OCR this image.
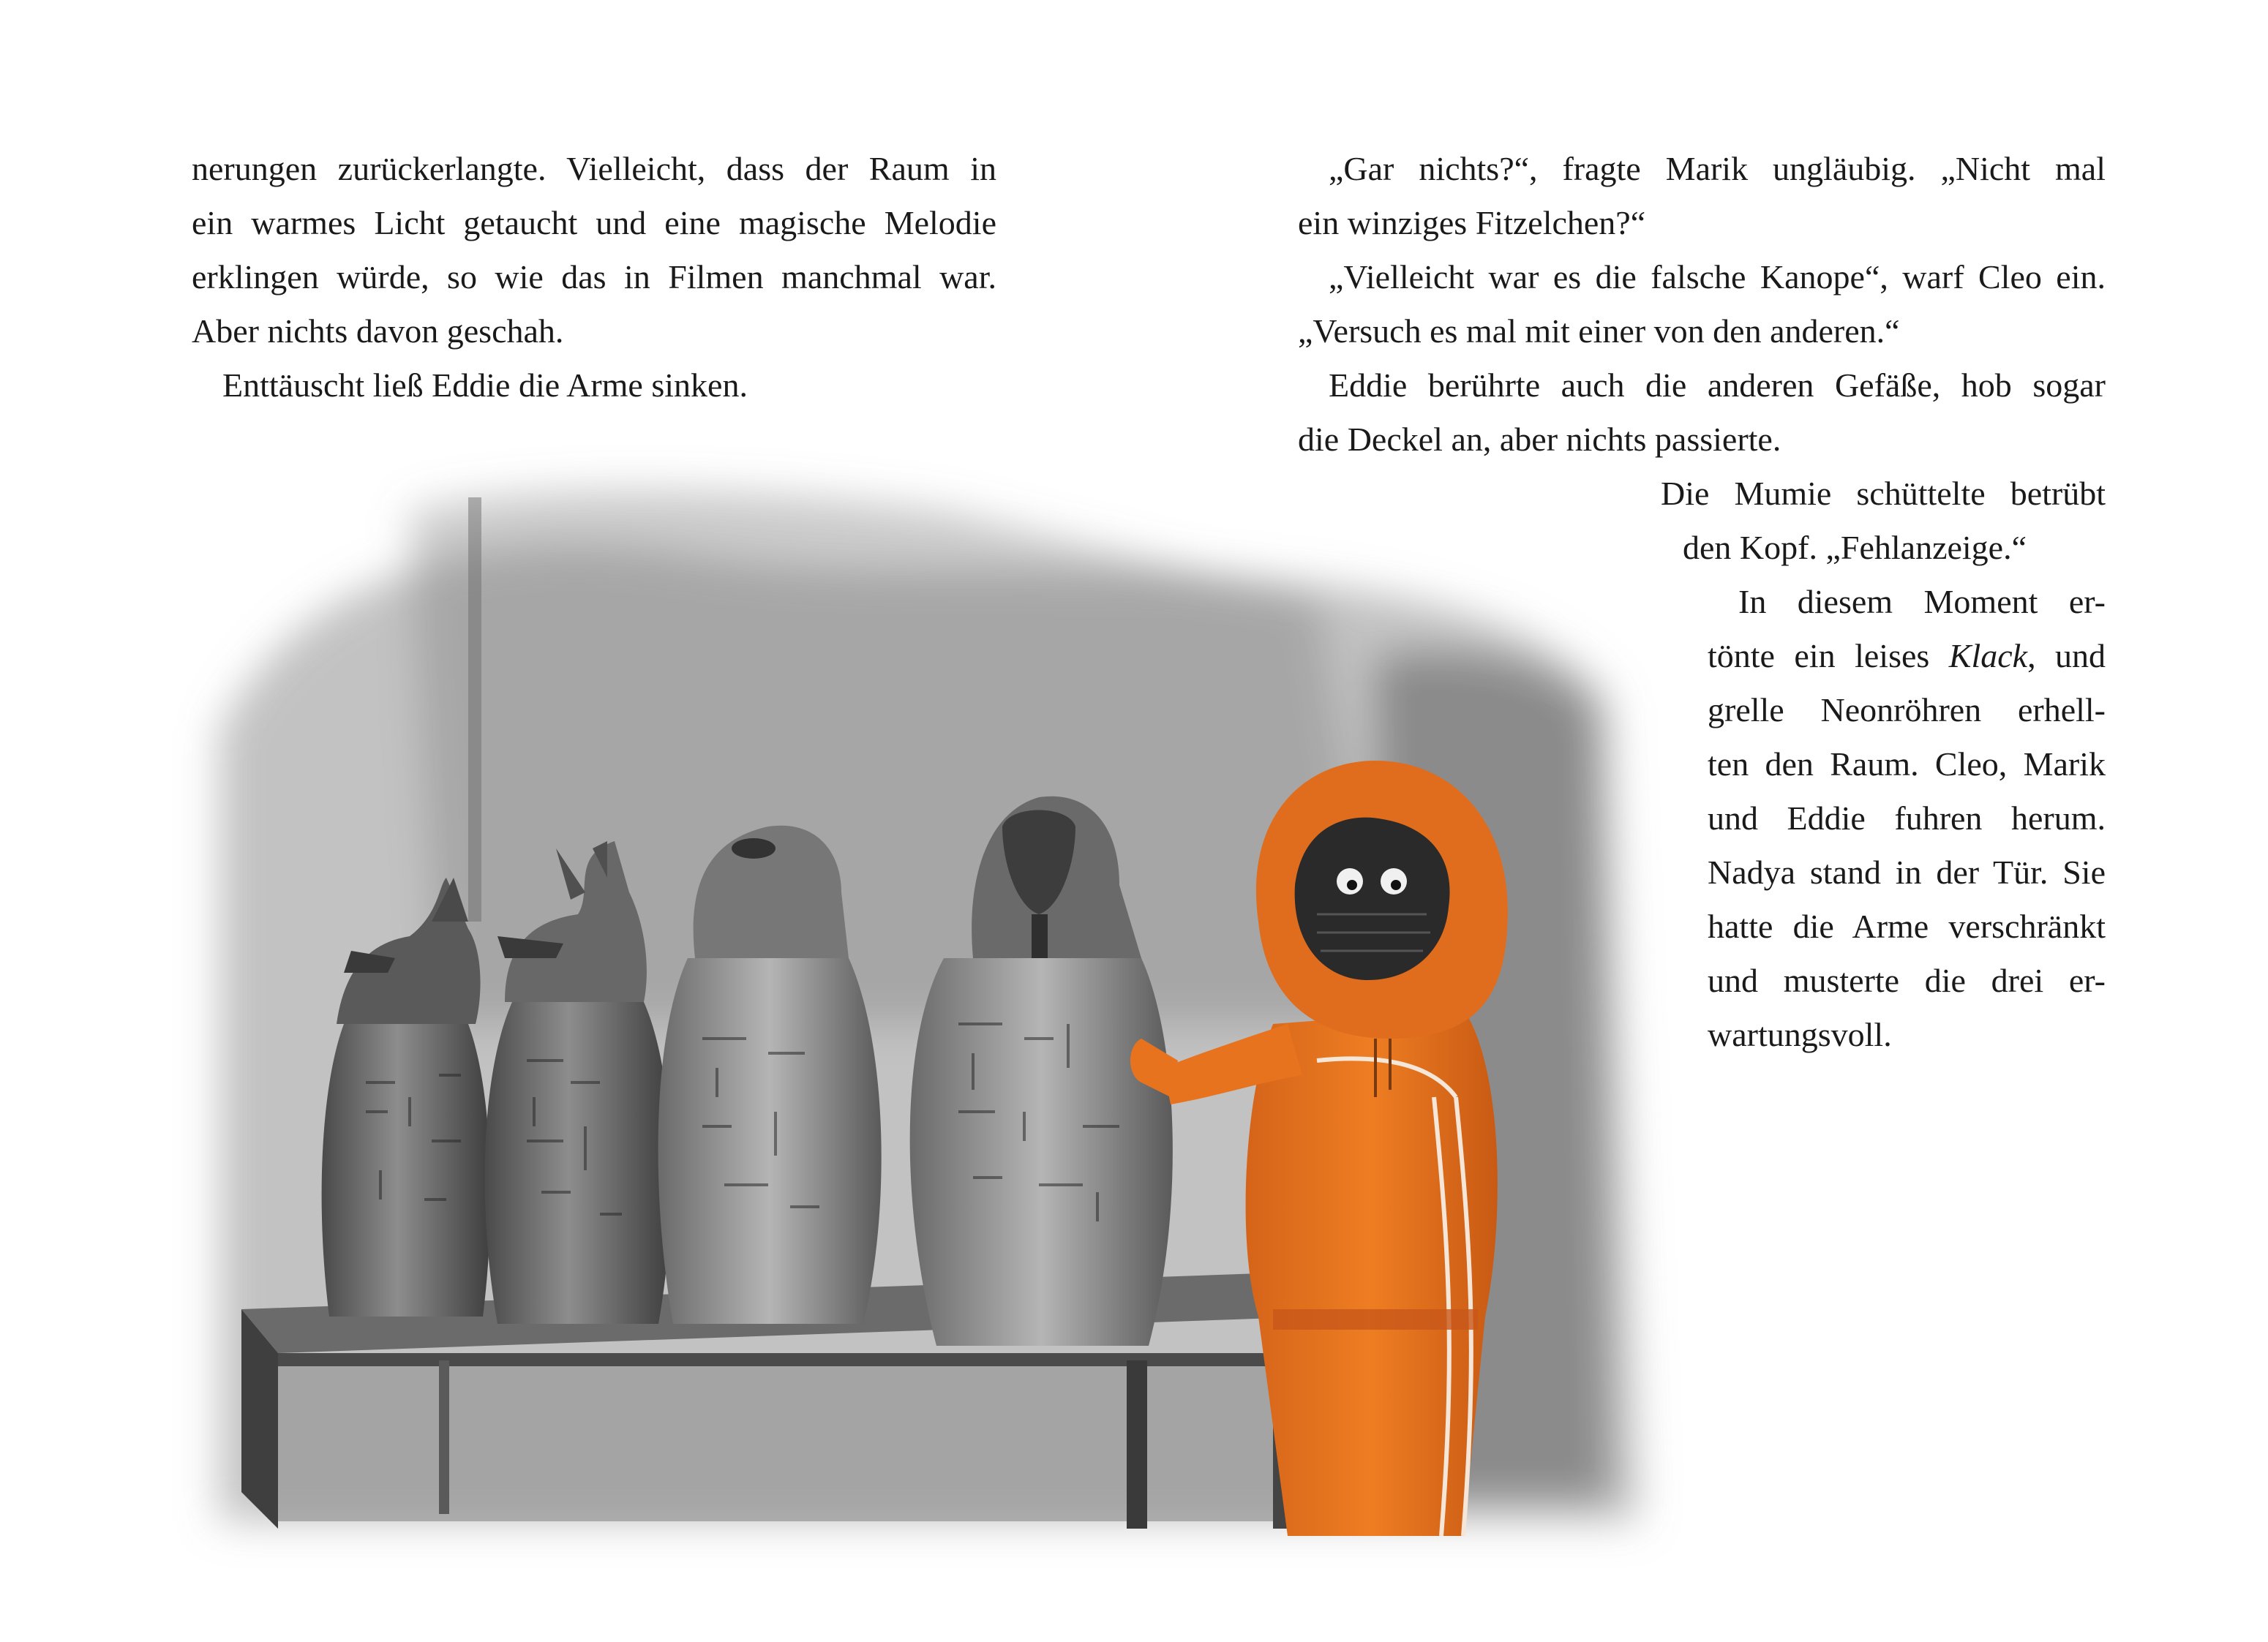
nerungen zurückerlangte. Vielleicht, dass der Raum in
ein warmes Licht getaucht und eine magische Melodie
erklingen würde, so wie das in Filmen manchmal war.
Aber nichts davon geschah.
Enttäuscht ließ Eddie die Arme sinken.
„Gar nichts?“, fragte Marik ungläubig. „Nicht mal
ein winziges Fitzelchen?“
„Vielleicht war es die falsche Kanope“, warf Cleo ein.
„Versuch es mal mit einer von den anderen.“
Eddie berührte auch die anderen Gefäße, hob sogar
die Deckel an, aber nichts passierte.
Die Mumie schüttelte betrübt
den Kopf. „Fehlanzeige.“
In diesem Moment er-
tönte ein leises Klack, und
grelle Neonröhren erhell-
ten den Raum. Cleo, Marik
und Eddie fuhren herum.
Nadya stand in der Tür. Sie
hatte die Arme verschränkt
und musterte die drei er-
wartungsvoll.
